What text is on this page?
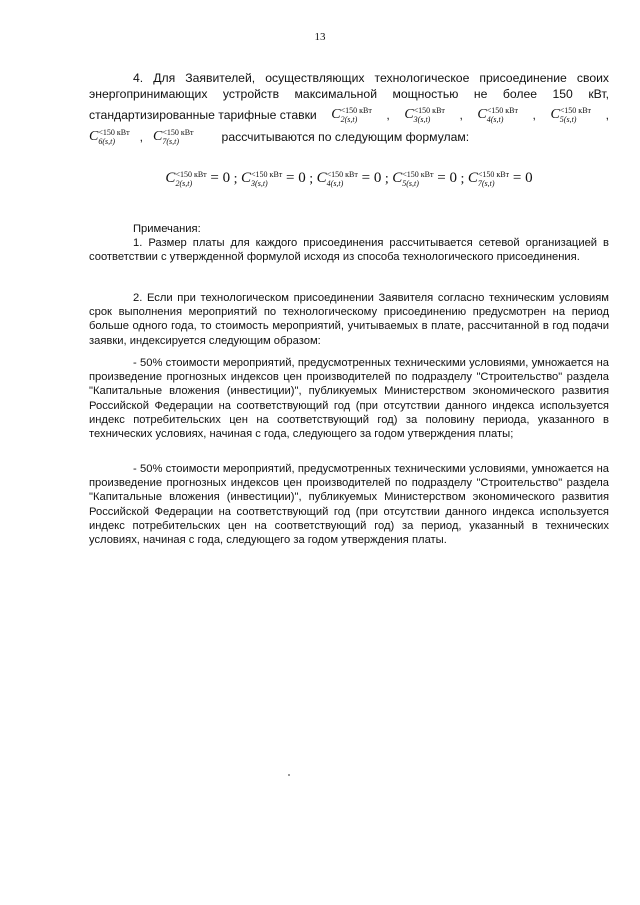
13
4. Для Заявителей, осуществляющих технологическое присоединение своих
энергопринимающих устройств максимальной мощностью не более 150 кВт,
стандартизированные тарифные ставки C <150 кВт
2(s,t)	, C <150 кВт
3(s,t)	, C <150 кВт
4(s,t)	, C <150 кВт
5(s,t)	,
C <150 кВт
6(s,t)	, C <150 кВт
7(s,t)	рассчитываются по следующим формулам:
C <150 кВт
2(s,t)	= 0 ; C <150 кВт
3(s,t)	= 0 ; C <150 кВт
4(s,t)	= 0 ; C <150 кВт
5(s,t)	= 0 ; C <150 кВт
7(s,t)	= 0
Примечания:
1. Размер платы для каждого присоединения рассчитывается сетевой организацией в соответствии с утвержденной формулой исходя из способа технологического присоединения.
2. Если при технологическом присоединении Заявителя согласно техническим условиям срок выполнения мероприятий по технологическому присоединению предусмотрен на период больше одного года, то стоимость мероприятий, учитываемых в плате, рассчитанной в год подачи заявки, индексируется следующим образом:
- 50% стоимости мероприятий, предусмотренных техническими условиями, умножается на произведение прогнозных индексов цен производителей по подразделу "Строительство" раздела "Капитальные вложения (инвестиции)", публикуемых Министерством экономического развития Российской Федерации на соответствующий год (при отсутствии данного индекса используется индекс потребительских цен на соответствующий год) за половину периода, указанного в технических условиях, начиная с года, следующего за годом утверждения платы;
- 50% стоимости мероприятий, предусмотренных техническими условиями, умножается на произведение прогнозных индексов цен производителей по подразделу "Строительство" раздела "Капитальные вложения (инвестиции)", публикуемых Министерством экономического развития Российской Федерации на соответствующий год (при отсутствии данного индекса используется индекс потребительских цен на соответствующий год) за период, указанный в технических условиях, начиная с года, следующего за годом утверждения платы.
